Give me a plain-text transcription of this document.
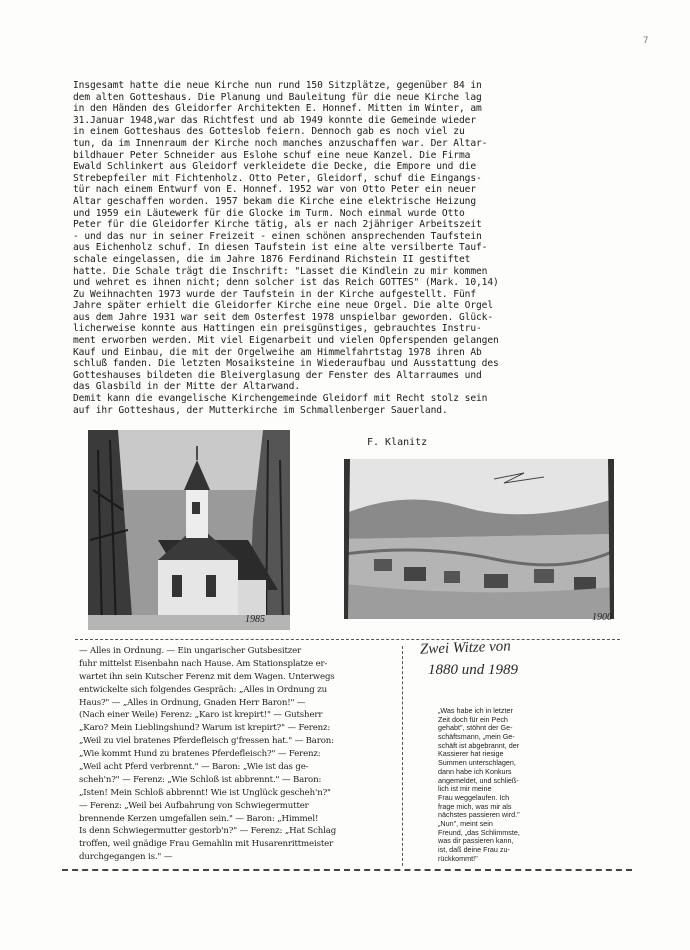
7
Insgesamt hatte die neue Kirche nun rund 150 Sitzplätze, gegenüber 84 in
dem alten Gotteshaus. Die Planung und Bauleitung für die neue Kirche lag
in den Händen des Gleidorfer Architekten E. Honnef. Mitten im Winter, am
31.Januar 1948,war das Richtfest und ab 1949 konnte die Gemeinde wieder
in einem Gotteshaus des Gotteslob feiern. Dennoch gab es noch viel zu
tun, da im Innenraum der Kirche noch manches anzuschaffen war. Der Altar-
bildhauer Peter Schneider aus Eslohe schuf eine neue Kanzel. Die Firma
Ewald Schlinkert aus Gleidorf verkleidete die Decke, die Empore und die
Strebepfeiler mit Fichtenholz. Otto Peter, Gleidorf, schuf die Eingangs-
tür nach einem Entwurf von E. Honnef. 1952 war von Otto Peter ein neuer
Altar geschaffen worden. 1957 bekam die Kirche eine elektrische Heizung
und 1959 ein Läutewerk für die Glocke im Turm. Noch einmal wurde Otto
Peter für die Gleidorfer Kirche tätig, als er nach 2jähriger Arbeitszeit
- und das nur in seiner Freizeit - einen schönen ansprechenden Taufstein
aus Eichenholz schuf. In diesen Taufstein ist eine alte versilberte Tauf-
schale eingelassen, die im Jahre 1876 Ferdinand Richstein II gestiftet
hatte. Die Schale trägt die Inschrift: "Lasset die Kindlein zu mir kommen
und wehret es ihnen nicht; denn solcher ist das Reich GOTTES" (Mark. 10,14)
Zu Weihnachten 1973 wurde der Taufstein in der Kirche aufgestellt. Fünf
Jahre später erhielt die Gleidorfer Kirche eine neue Orgel. Die alte Orgel
aus dem Jahre 1931 war seit dem Osterfest 1978 unspielbar geworden. Glück-
licherweise konnte aus Hattingen ein preisgünstiges, gebrauchtes Instru-
ment erworben werden. Mit viel Eigenarbeit und vielen Opferspenden gelangen
Kauf und Einbau, die mit der Orgelweihe am Himmelfahrtstag 1978 ihren Ab
schluß fanden. Die letzten Mosaiksteine in Wiederaufbau und Ausstattung des
Gotteshauses bildeten die Bleiverglasung der Fenster des Altarraumes und
das Glasbild in der Mitte der Altarwand.
Demit kann die evangelische Kirchengemeinde Gleidorf mit Recht stolz sein
auf ihr Gotteshaus, der Mutterkirche im Schmallenberger Sauerland.
1985
F. Klanitz
1900
— Alles in Ordnung. — Ein ungarischer Gutsbesitzer
fuhr mittelst Eisenbahn nach Hause. Am Stationsplatze er-
wartet ihn sein Kutscher Ferenz mit dem Wagen. Unterwegs
entwickelte sich folgendes Gespräch: „Alles in Ordnung zu
Haus?" — „Alles in Ordnung, Gnaden Herr Baron!" —
(Nach einer Weile) Ferenz: „Karo ist krepirt!" — Gutsherr
„Karo? Mein Lieblingshund? Warum ist krepirt?" — Ferenz:
„Weil zu viel bratenes Pferdefleisch g'fressen hat." — Baron:
„Wie kommt Hund zu bratenes Pferdefleisch?" — Ferenz:
„Weil acht Pferd verbrennt." — Baron: „Wie ist das ge-
scheh'n?" — Ferenz: „Wie Schloß ist abbrennt." — Baron:
„Isten! Mein Schloß abbrennt! Wie ist Unglück gescheh'n?"
— Ferenz: „Weil bei Aufbahrung von Schwiegermutter
brennende Kerzen umgefallen sein." — Baron: „Himmel!
Is denn Schwiegermutter gestorb'n?" — Ferenz: „Hat Schlag
troffen, weil gnädige Frau Gemahlin mit Husarenrittmeister
durchgegangen is." —
Zwei Witze von
1880 und 1989
„Was habe ich in letzter
Zeit doch für ein Pech
gehabt", stöhnt der Ge-
schäftsmann, „mein Ge-
schäft ist abgebrannt, der
Kassierer hat riesige
Summen unterschlagen,
dann habe ich Konkurs
angemeldet, und schließ-
lich ist mir meine
Frau weggelaufen. Ich
frage mich, was mir als
nächstes passieren wird."
„Nun", meint sein
Freund, „das Schlimmste,
was dir passieren kann,
ist, daß deine Frau zu-
rückkommt!"
